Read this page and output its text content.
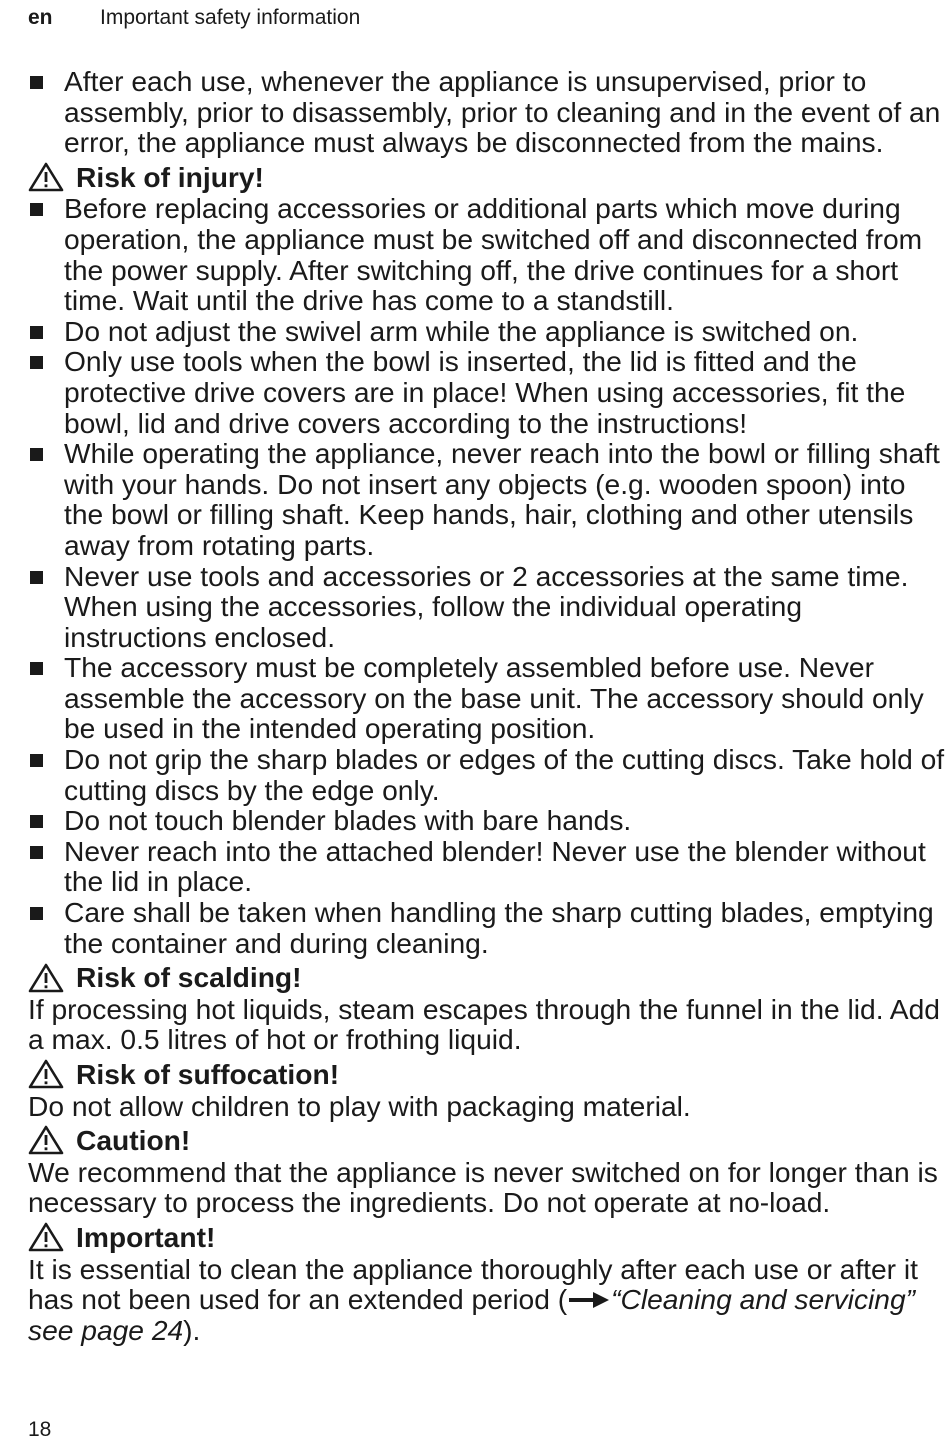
en Important safety information
After each use, whenever the appliance is unsupervised, prior to assembly, prior to disassembly, prior to cleaning and in the event of an error, the appliance must always be disconnected from the mains.
Risk of injury!
Before replacing accessories or additional parts which move during operation, the appliance must be switched off and disconnected from the power supply. After switching off, the drive continues for a short time. Wait until the drive has come to a standstill.
Do not adjust the swivel arm while the appliance is switched on.
Only use tools when the bowl is inserted, the lid is fitted and the protective drive covers are in place! When using accessories, fit the bowl, lid and drive covers according to the instructions!
While operating the appliance, never reach into the bowl or filling shaft with your hands. Do not insert any objects (e.g. wooden spoon) into the bowl or filling shaft. Keep hands, hair, clothing and other utensils away from rotating parts.
Never use tools and accessories or 2 accessories at the same time. When using the accessories, follow the individual operating instructions enclosed.
The accessory must be completely assembled before use. Never assemble the accessory on the base unit. The accessory should only be used in the intended operating position.
Do not grip the sharp blades or edges of the cutting discs. Take hold of cutting discs by the edge only.
Do not touch blender blades with bare hands.
Never reach into the attached blender! Never use the blender without the lid in place.
Care shall be taken when handling the sharp cutting blades, emptying the container and during cleaning.
Risk of scalding!

If processing hot liquids, steam escapes through the funnel in the lid. Add a max. 0.5 litres of hot or frothing liquid.

Risk of suffocation!

Do not allow children to play with packaging material.

Caution!

We recommend that the appliance is never switched on for longer than is necessary to process the ingredients. Do not operate at no-load.

Important!

It is essential to clean the appliance thoroughly after each use or after it has not been used for an extended period ( “Cleaning and servicing” see page 24).

18
